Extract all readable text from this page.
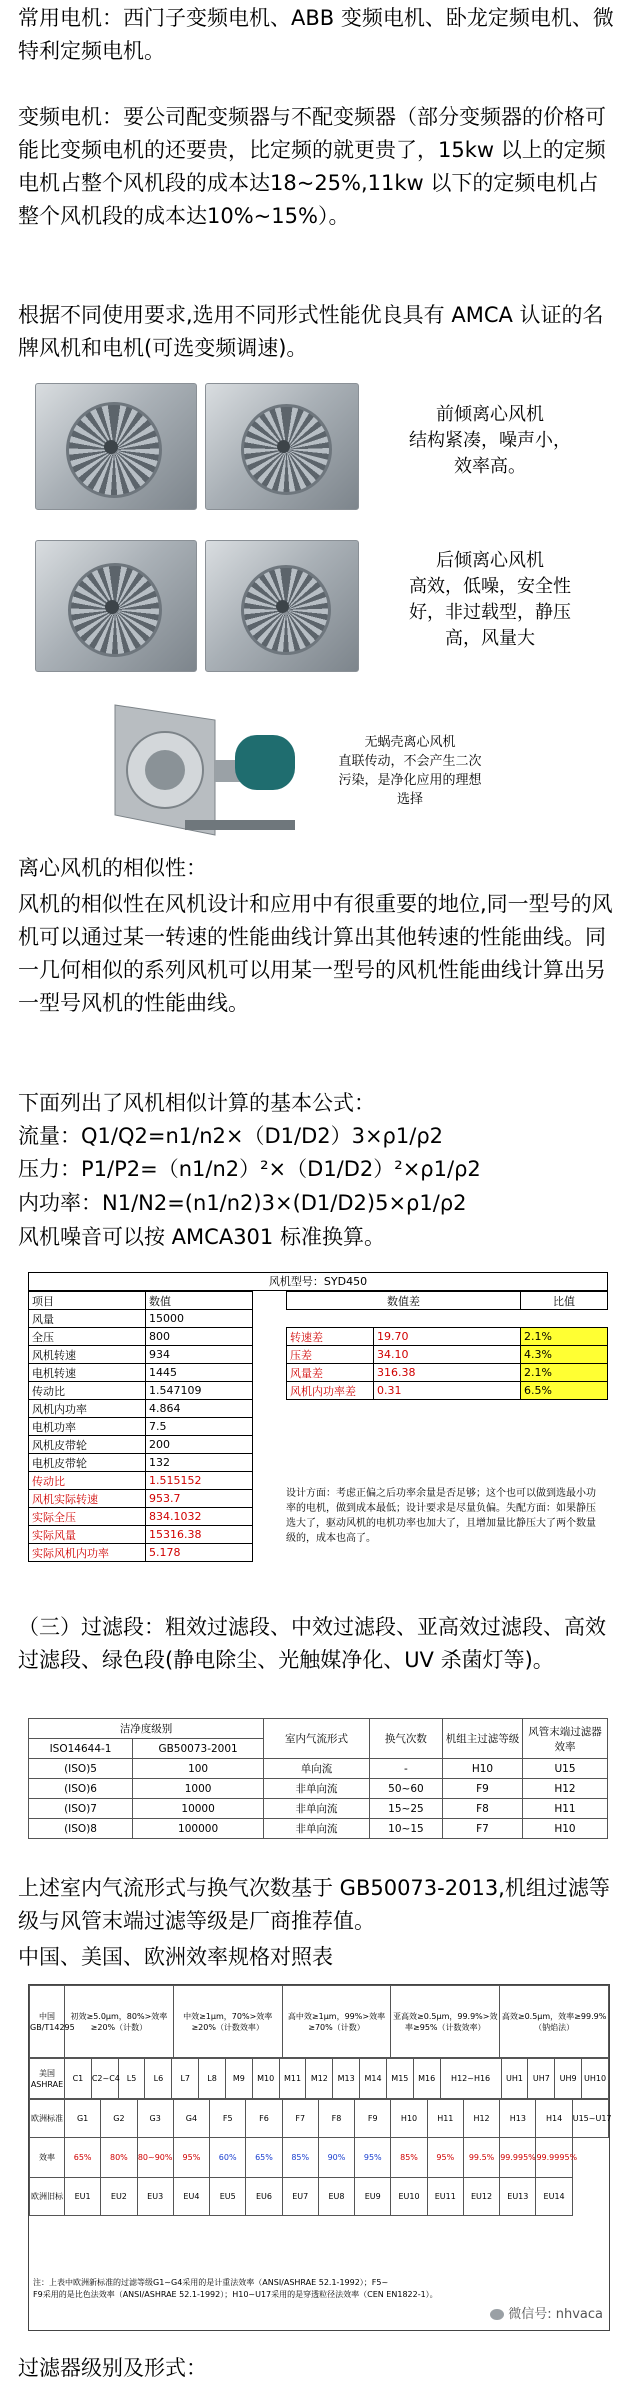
常用电机：西门子变频电机、ABB 变频电机、卧龙定频电机、微特利定频电机。

变频电机：要公司配变频器与不配变频器（部分变频器的价格可能比变频电机的还要贵，比定频的就更贵了，15kw 以上的定频电机占整个风机段的成本达18~25%,11kw 以下的定频电机占整个风机段的成本达10%~15%）。

根据不同使用要求,选用不同形式性能优良具有 AMCA 认证的名牌风机和电机(可选变频调速)。

前倾离心风机
结构紧凑，噪声小，
效率高。
后倾离心风机
高效，低噪，安全性
好，非过载型，静压
高，风量大
无蜗壳离心风机
直联传动，不会产生二次
污染，是净化应用的理想
选择

离心风机的相似性：

风机的相似性在风机设计和应用中有很重要的地位,同一型号的风机可以通过某一转速的性能曲线计算出其他转速的性能曲线。同一几何相似的系列风机可以用某一型号的风机性能曲线计算出另一型号风机的性能曲线。

下面列出了风机相似计算的基本公式：

流量：Q1/Q2=n1/n2×（D1/D2）3×ρ1/ρ2

压力：P1/P2=（n1/n2）²×（D1/D2）²×ρ1/ρ2

内功率：N1/N2=(n1/n2)3×(D1/D2)5×ρ1/ρ2

风机噪音可以按 AMCA301 标准换算。

风机型号：SYD450
项目	数值
风量	15000
全压	800
风机转速	934
电机转速	1445
传动比	1.547109
风机内功率	4.864
电机功率	7.5
风机皮带轮	200
电机皮带轮	132
传动比	1.515152
风机实际转速	953.7
实际全压	834.1032
实际风量	15316.38
实际风机内功率	5.178
数值差		比值

转速差	19.70	2.1%
压差	34.10	4.3%
风量差	316.38	2.1%
风机内功率差	0.31	6.5%
设计方面：考虑正偏之后功率余量是否足够；这个也可以做到选最小功率的电机，做到成本最低；设计要求是尽量负偏。失配方面：如果静压选大了，驱动风机的电机功率也加大了，且增加量比静压大了两个数量级的，成本也高了。

（三）过滤段：粗效过滤段、中效过滤段、亚高效过滤段、高效过滤段、绿色段(静电除尘、光触媒净化、UV 杀菌灯等)。

洁净度级别		室内气流形式	换气次数	机组主过滤等级	风管末端过滤器效率
ISO14644-1	GB50073-2001				
(ISO)5	100	单向流	-	H10	U15
(ISO)6	1000	非单向流	50~60	F9	H12
(ISO)7	10000	非单向流	15~25	F8	H11
(ISO)8	100000	非单向流	10~15	F7	H10

上述室内气流形式与换气次数基于 GB50073-2013,机组过滤等级与风管末端过滤等级是厂商推荐值。

中国、美国、欧洲效率规格对照表

中国GB/T14295	初效≥5.0μm，80%>效率≥20%（计数）	中效≥1μm，70%>效率≥20%（计数效率）	高中效≥1μm，99%>效率≥70%（计数）	亚高效≥0.5μm，99.9%>效率≥95%（计数效率）	高效≥0.5μm，效率≥99.9%（钠焰法）
美国ASHRAE	C1	C2~C4	L5	L6	L7	L8	M9	M10	M11	M12	M13	M14	M15	M16	H12~H16	UH1	UH7	UH9	UH10
欧洲标准	G1	G2	G3	G4	F5	F6	F7	F8	F9	H10	H11	H12	H13	H14	U15~U17
效率	65%	80%	80~90%	95%	60%	65%	85%	90%	95%	85%	95%	99.5%	99.995%	99.9995%	
欧洲旧标	EU1	EU2	EU3	EU4	EU5	EU6	EU7	EU8	EU9	EU10	EU11	EU12	EU13	EU14	
注：上表中欧洲新标准的过滤等级G1~G4采用的是计重法效率（ANSI/ASHRAE 52.1-1992）；F5~
F9采用的是比色法效率（ANSI/ASHRAE 52.1-1992）；H10~U17采用的是穿透粒径法效率（CEN EN1822-1）。
微信号: nhvaca

过滤器级别及形式：
